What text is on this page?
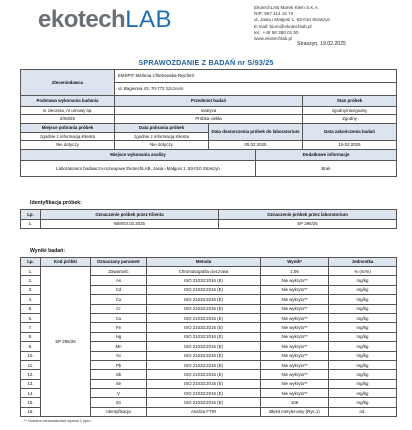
ekotech LAB	EkotechLAB Marek Klein S.K.A.
NIP: 957 114 15 72
ul. Jasia i Małgosi 1, 83-010 Straszyn
E-mail: biuro@ekotechlab.pl
tel.: +48 58 380 01 50
www.ekotechlab.pl
Straszyn, 19.02.2025
SPRAWOZDANIE Z BADAŃ nr S/93/25
Zleceniodawca	EMSPIT Marlena Chlebowska-Rejchert			
	ul. Bagienna 43, 70-772 Szczecin			
Podstawa wykonania badania	Przedmiot badań			Stan próbek
nr zlecenia, nr umowy itp.	matryca			zgodny/niezgodny
Z/93/25	Próbka ciekła			Zgodny
Miejsce pobrania próbek	Data pobrania próbek	Data dostarczenia próbek do laboratorium		Data zakończenia badań
zgodnie z informacją Klienta	zgodnie z informacją Klienta			
Nie dotyczy	Nie dotyczy	05.02.2025		19.02.2025
Miejsce wykonania analizy			Dodatkowe informacje	
Laboratorium badawczo-rozwojowe EkotechLAB, Jasia i Małgosi 1, 83-010 Straszyn			Brak	
Identyfikacja próbek:
Lp.	Oznaczenie próbek przez Klienta	Oznaczenie próbek przez laboratorium
1.	IBM/03.02.2025	SP 296/25
Wyniki badań:
Lp.	Kod próbki	Oznaczany parametr	Metoda	Wynik*	Jednostka
1.	SP 296/25	Zawartość	Chromatografia cieczowa	1,06	% (m/m)
2.		As	ISO 21033:2016 (E)	Nie wykryto**	mg/kg
3.		Cd	ISO 21033:2016 (E)	Nie wykryto**	mg/kg
4.		Co	ISO 21033:2016 (E)	Nie wykryto**	mg/kg
5.		Cr	ISO 21033:2016 (E)	Nie wykryto**	mg/kg
6.		Cu	ISO 21033:2016 (E)	Nie wykryto**	mg/kg
7.		Fe	ISO 21033:2016 (E)	Nie wykryto**	mg/kg
8.		Hg	ISO 21033:2016 (E)	Nie wykryto**	mg/kg
9.		Mn	ISO 21033:2016 (E)	Nie wykryto**	mg/kg
10.		Ni	ISO 21033:2016 (E)	Nie wykryto**	mg/kg
11.		Pb	ISO 21033:2016 (E)	Nie wykryto**	mg/kg
12.		Sb	ISO 21033:2016 (E)	Nie wykryto**	mg/kg
13.		Se	ISO 21033:2016 (E)	Nie wykryto**	mg/kg
14.		V	ISO 21033:2016 (E)	Nie wykryto**	mg/kg
15.		Zn	ISO 21033:2016 (E)	106	mg/kg
16.		Identyfikacja	Analiza FTIR	Błękit metylenowy (Rys.1)	nd.
** Granica oznaczalności wynosi 1 ppm
